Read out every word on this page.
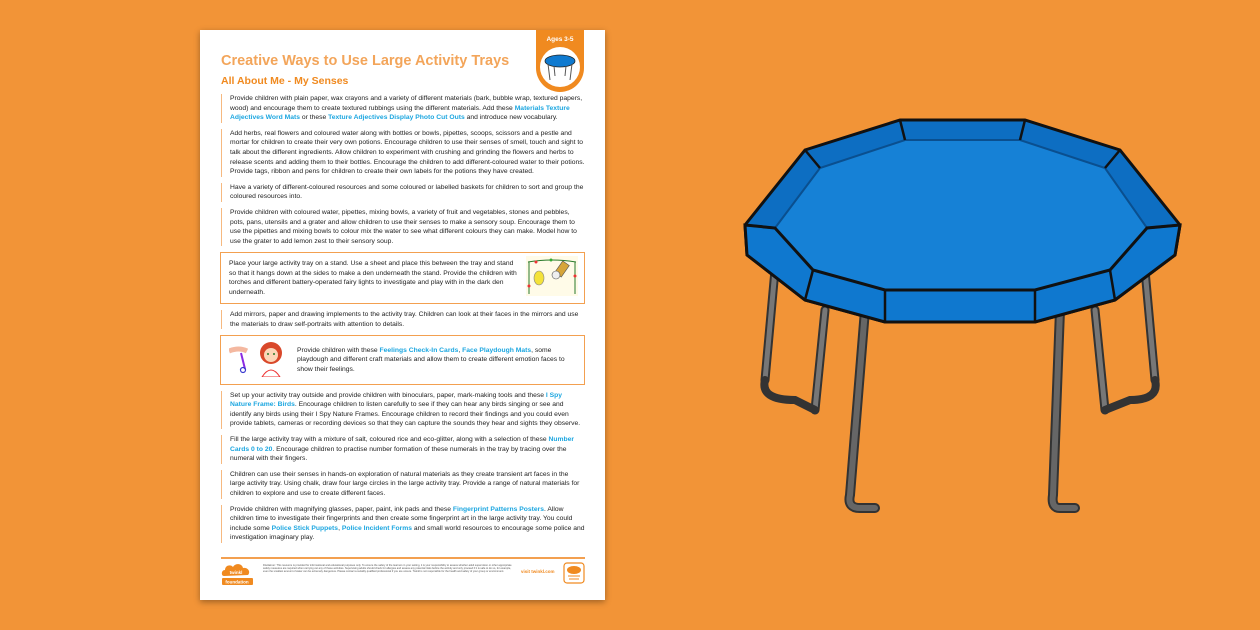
Creative Ways to Use Large Activity Trays
All About Me - My Senses
Ages 3-5
Provide children with plain paper, wax crayons and a variety of different materials (bark, bubble wrap, textured papers, wood) and encourage them to create textured rubbings using the different materials. Add these Materials Texture Adjectives Word Mats or these Texture Adjectives Display Photo Cut Outs and introduce new vocabulary.
Add herbs, real flowers and coloured water along with bottles or bowls, pipettes, scoops, scissors and a pestle and mortar for children to create their very own potions. Encourage children to use their senses of smell, touch and sight to talk about the different ingredients. Allow children to experiment with crushing and grinding the flowers and herbs to release scents and adding them to their bottles. Encourage the children to add different-coloured water to their potions. Provide tags, ribbon and pens for children to create their own labels for the potions they have created.
Have a variety of different-coloured resources and some coloured or labelled baskets for children to sort and group the coloured resources into.
Provide children with coloured water, pipettes, mixing bowls, a variety of fruit and vegetables, stones and pebbles, pots, pans, utensils and a grater and allow children to use their senses to make a sensory soup. Encourage them to use the pipettes and mixing bowls to colour mix the water to see what different colours they can make. Model how to use the grater to add lemon zest to their sensory soup.
Place your large activity tray on a stand. Use a sheet and place this between the tray and stand so that it hangs down at the sides to make a den underneath the stand. Provide the children with torches and different battery-operated fairy lights to investigate and play with in the dark den underneath.
Add mirrors, paper and drawing implements to the activity tray. Children can look at their faces in the mirrors and use the materials to draw self-portraits with attention to details.
Provide children with these Feelings Check-In Cards, Face Playdough Mats, some playdough and different craft materials and allow them to create different emotion faces to show their feelings.
Set up your activity tray outside and provide children with binoculars, paper, mark-making tools and these I Spy Nature Frame: Birds. Encourage children to listen carefully to see if they can hear any birds singing or see and identify any birds using their I Spy Nature Frames. Encourage children to record their findings and you could even provide tablets, cameras or recording devices so that they can capture the sounds they hear and sights they observe.
Fill the large activity tray with a mixture of salt, coloured rice and eco-glitter, along with a selection of these Number Cards 0 to 20. Encourage children to practise number formation of these numerals in the tray by tracing over the numeral with their fingers.
Children can use their senses in hands-on exploration of natural materials as they create transient art faces in the large activity tray. Using chalk, draw four large circles in the large activity tray. Provide a range of natural materials for children to explore and use to create different faces.
Provide children with magnifying glasses, paper, paint, ink pads and these Fingerprint Patterns Posters. Allow children time to investigate their fingerprints and then create some fingerprint art in the large activity tray. You could include some Police Stick Puppets, Police Incident Forms and small world resources to encourage some police and investigation imaginary play.
twinkl
foundation
Disclaimer: This resource is provided for informational and educational purposes only. To ensure the safety of the learners in your setting, it is your responsibility to assess whether adult supervision or other appropriate safety measures are required when carrying out any of these activities. Supervising adults should check for allergies and assess any potential risks before the activity and only proceed if it is safe to do so, for example, even the smallest amount of water can be extremely dangerous. Please contact a suitably qualified professional if you are unsure. Twinkl is not responsible for the health and safety of your group or environment.	visit twinkl.com
